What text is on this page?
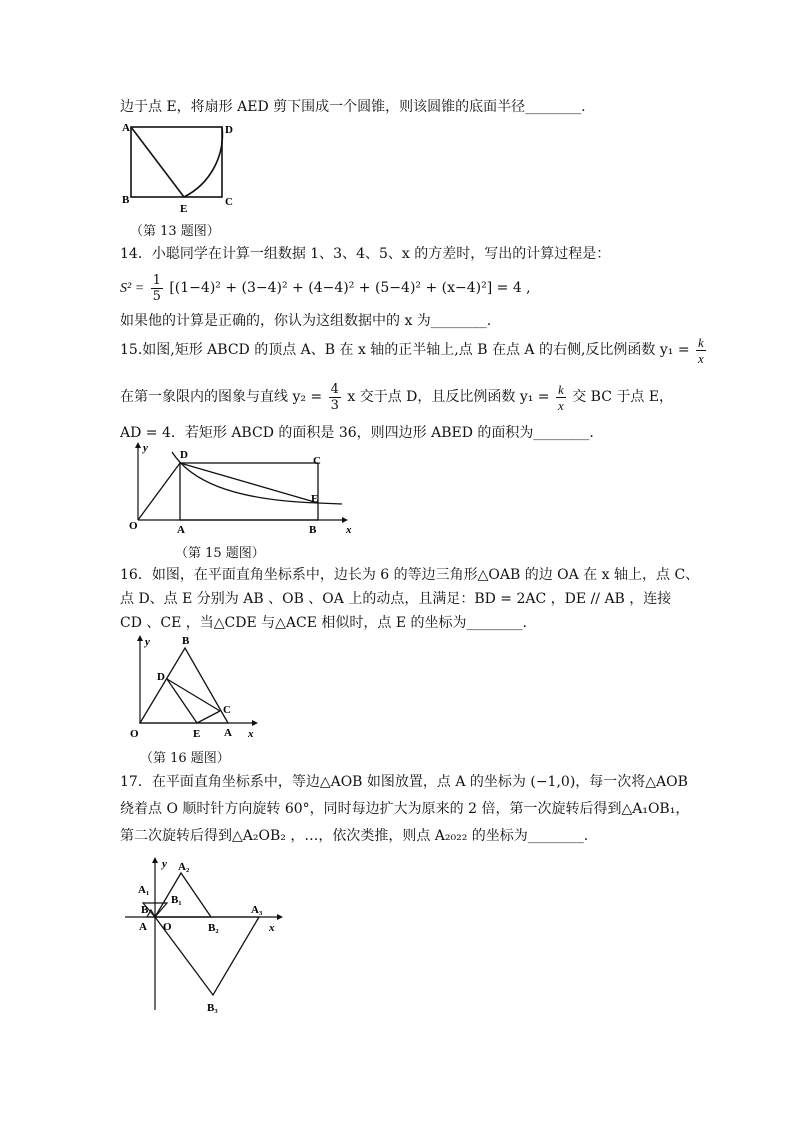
边于点 E，将扇形 AED 剪下围成一个圆锥，则该圆锥的底面半径________.
A	D
B	C
E
（第 13 题图）
14．小聪同学在计算一组数据 1、3、4、5、x 的方差时，写出的计算过程是：
$S^2 = \frac{1}{5} [(1-4)^2 + (3-4)^2 + (4-4)^2 + (5-4)^2 + (x-4)^2] = 4$ ,
如果他的计算是正确的，你认为这组数据中的 x 为________.
15.如图,矩形 ABCD 的顶点 A、B 在 x 轴的正半轴上,点 B 在点 A 的右侧,反比例函数 $y_1 = \frac{k}{x}$
在第一象限内的图象与直线 $y_2 = \frac{4}{3}$ x 交于点 D，且反比例函数 $y_1 = \frac{k}{x}$ 交 BC 于点 E，
AD = 4．若矩形 ABCD 的面积是 36，则四边形 ABED 的面积为________.
y
x
O	A	B
C
D
E
（第 15 题图）
16．如图，在平面直角坐标系中，边长为 6 的等边三角形△OAB 的边 OA 在 x 轴上，点 C、
点 D、点 E 分别为 AB 、OB 、OA 上的动点，且满足：BD = 2AC ，DE // AB ，连接
CD 、CE ，当△CDE 与△ACE 相似时，点 E 的坐标为________.
y
x
O	A
B
C
D
E
（第 16 题图）
17．在平面直角坐标系中，等边△AOB 如图放置，点 A 的坐标为 (−1,0)，每一次将△AOB
绕着点 O 顺时针方向旋转 60°，同时每边扩大为原来的 2 倍，第一次旋转后得到△A₁OB₁，
第二次旋转后得到△A₂OB₂ ，…，依次类推，则点 A₂₀₂₂ 的坐标为________.
y
x
O
A
B
A₁
B₁
A₂
B₂
A₃
B₃
